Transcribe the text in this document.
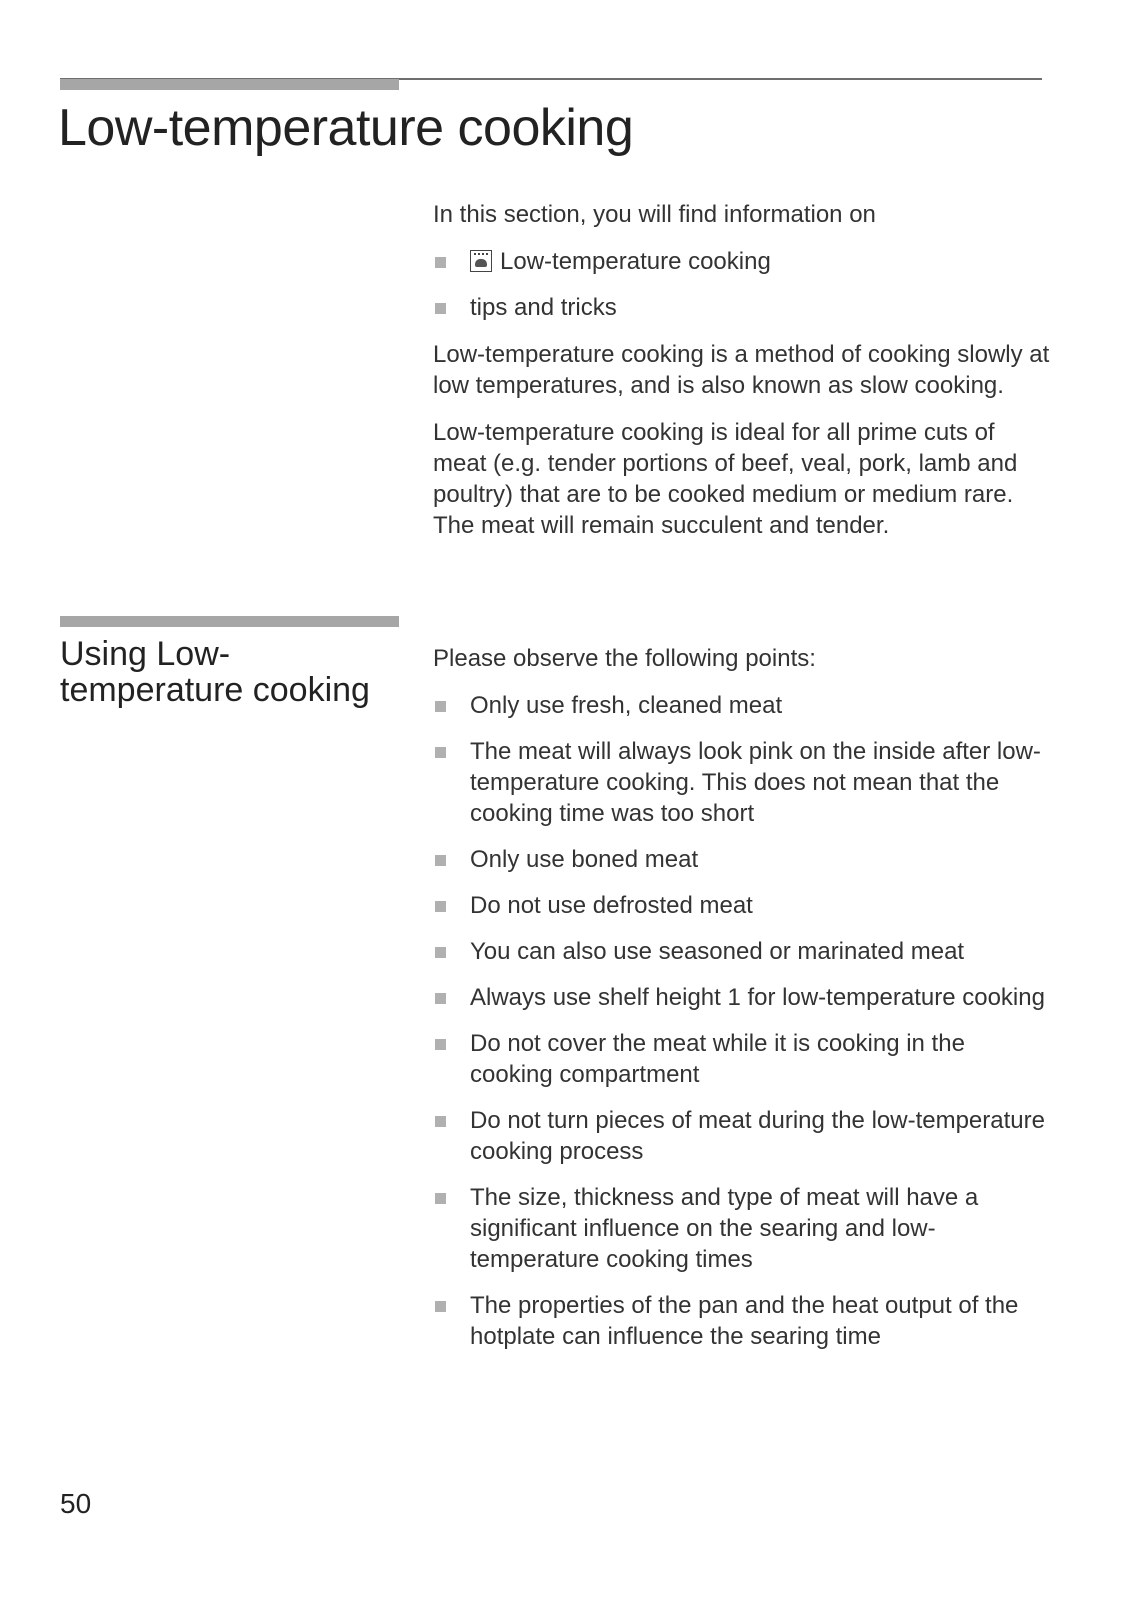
Low-temperature cooking

In this section, you will find information on

Low-temperature cooking
tips and tricks

Low-temperature cooking is a method of cooking slowly at low temperatures, and is also known as slow cooking.

Low-temperature cooking is ideal for all prime cuts of meat (e.g. tender portions of beef, veal, pork, lamb and poultry) that are to be cooked medium or medium rare. The meat will remain succulent and tender.

Using Low-temperature cooking

Please observe the following points:

Only use fresh, cleaned meat
The meat will always look pink on the inside after low-temperature cooking. This does not mean that the cooking time was too short
Only use boned meat
Do not use defrosted meat
You can also use seasoned or marinated meat
Always use shelf height 1 for low-temperature cooking
Do not cover the meat while it is cooking in the cooking compartment
Do not turn pieces of meat during the low-temperature cooking process
The size, thickness and type of meat will have a significant influence on the searing and low-temperature cooking times
The properties of the pan and the heat output of the hotplate can influence the searing time
50
